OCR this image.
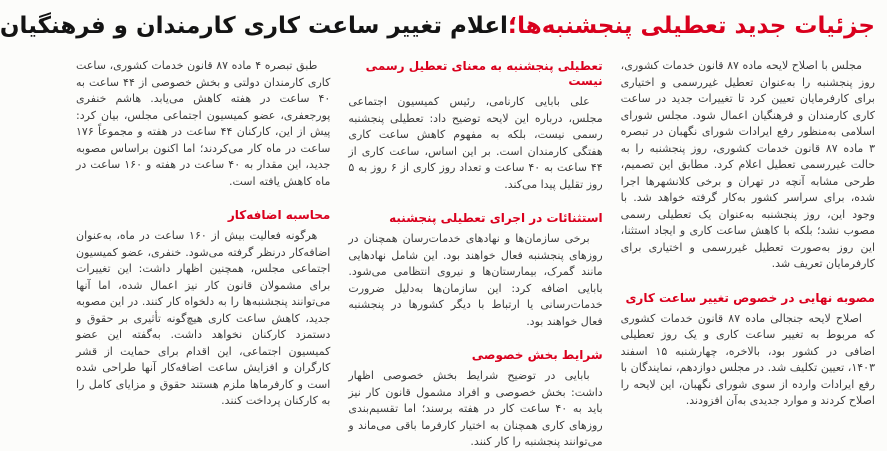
جزئیات جدید تعطیلی پنجشنبه‌ها؛اعلام تغییر ساعت کاری کارمندان و فرهنگیان

مجلس با اصلاح لایحه ماده ۸۷ قانون خدمات کشوری، روز پنجشنبه را به‌عنوان تعطیل غیررسمی و اختیاری برای کارفرمایان تعیین کرد تا تغییرات جدید در ساعت کاری کارمندان و فرهنگیان اعمال شود. مجلس شورای اسلامی به‌منظور رفع ایرادات شورای نگهبان در تبصره ۳ ماده ۸۷ قانون خدمات کشوری، روز پنجشنبه را به حالت غیررسمی تعطیل اعلام کرد. مطابق این تصمیم، طرحی مشابه آنچه در تهران و برخی کلانشهرها اجرا شده، برای سراسر کشور به‌کار گرفته خواهد شد. با وجود این، روز پنجشنبه به‌عنوان یک تعطیلی رسمی مصوب نشد؛ بلکه با کاهش ساعت کاری و ایجاد استثنا، این روز به‌صورت تعطیل غیررسمی و اختیاری برای کارفرمایان تعریف شد.

مصوبه نهایی در خصوص تغییر ساعت کاری

اصلاح لایحه جنجالی ماده ۸۷ قانون خدمات کشوری که مربوط به تغییر ساعت کاری و یک روز تعطیلی اضافی در کشور بود، بالاخره، چهارشنبه ۱۵ اسفند ۱۴۰۳، تعیین تکلیف شد. در مجلس دوازدهم، نمایندگان با رفع ایرادات وارده از سوی شورای نگهبان، این لایحه را اصلاح کردند و موارد جدیدی به‌آن افزودند.

تعطیلی پنجشنبه به معنای تعطیل رسمی نیست

علی بابایی کارنامی، رئیس کمیسیون اجتماعی مجلس، درباره این لایحه توضیح داد: تعطیلی پنجشنبه رسمی نیست، بلکه به مفهوم کاهش ساعت کاری هفتگی کارمندان است. بر این اساس، ساعت کاری از ۴۴ ساعت به ۴۰ ساعت و تعداد روز کاری از ۶ روز به ۵ روز تقلیل پیدا می‌کند.

استثنائات در اجرای تعطیلی پنجشنبه

برخی سازمان‌ها و نهادهای خدمات‌رسان همچنان در روزهای پنجشنبه فعال خواهند بود. این شامل نهادهایی مانند گمرک، بیمارستان‌ها و نیروی انتظامی می‌شود. بابایی اضافه کرد: این سازمان‌ها به‌دلیل ضرورت خدمات‌رسانی یا ارتباط با دیگر کشورها در پنجشنبه فعال خواهند بود.

شرایط بخش خصوصی

بابایی در توضیح شرایط بخش خصوصی اظهار داشت: بخش خصوصی و افراد مشمول قانون کار نیز باید به ۴۰ ساعت کار در هفته برسند؛ اما تقسیم‌بندی روزهای کاری همچنان به اختیار کارفرما باقی می‌ماند و می‌توانند پنجشنبه را کار کنند.

طبق تبصره ۴ ماده ۸۷ قانون خدمات کشوری، ساعت کاری کارمندان دولتی و بخش خصوصی از ۴۴ ساعت به ۴۰ ساعت در هفته کاهش می‌یابد. هاشم خنفری پورجعفری، عضو کمیسیون اجتماعی مجلس، بیان کرد: پیش از این، کارکنان ۴۴ ساعت در هفته و مجموعاً ۱۷۶ ساعت در ماه کار می‌کردند؛ اما اکنون براساس مصوبه جدید، این مقدار به ۴۰ ساعت در هفته و ۱۶۰ ساعت در ماه کاهش یافته است.

محاسبه اضافه‌کار

هرگونه فعالیت بیش از ۱۶۰ ساعت در ماه، به‌عنوان اضافه‌کار درنظر گرفته می‌شود. خنفری، عضو کمیسیون اجتماعی مجلس، همچنین اظهار داشت: این تغییرات برای مشمولان قانون کار نیز اعمال شده، اما آنها می‌توانند پنجشنبه‌ها را به دلخواه کار کنند. در این مصوبه جدید، کاهش ساعت کاری هیچ‌گونه تأثیری بر حقوق و دستمزد کارکنان نخواهد داشت. به‌گفته این عضو کمیسیون اجتماعی، این اقدام برای حمایت از قشر کارگران و افزایش ساعت اضافه‌کار آنها طراحی شده است و کارفرماها ملزم هستند حقوق و مزایای کامل را به کارکنان پرداخت کنند.
